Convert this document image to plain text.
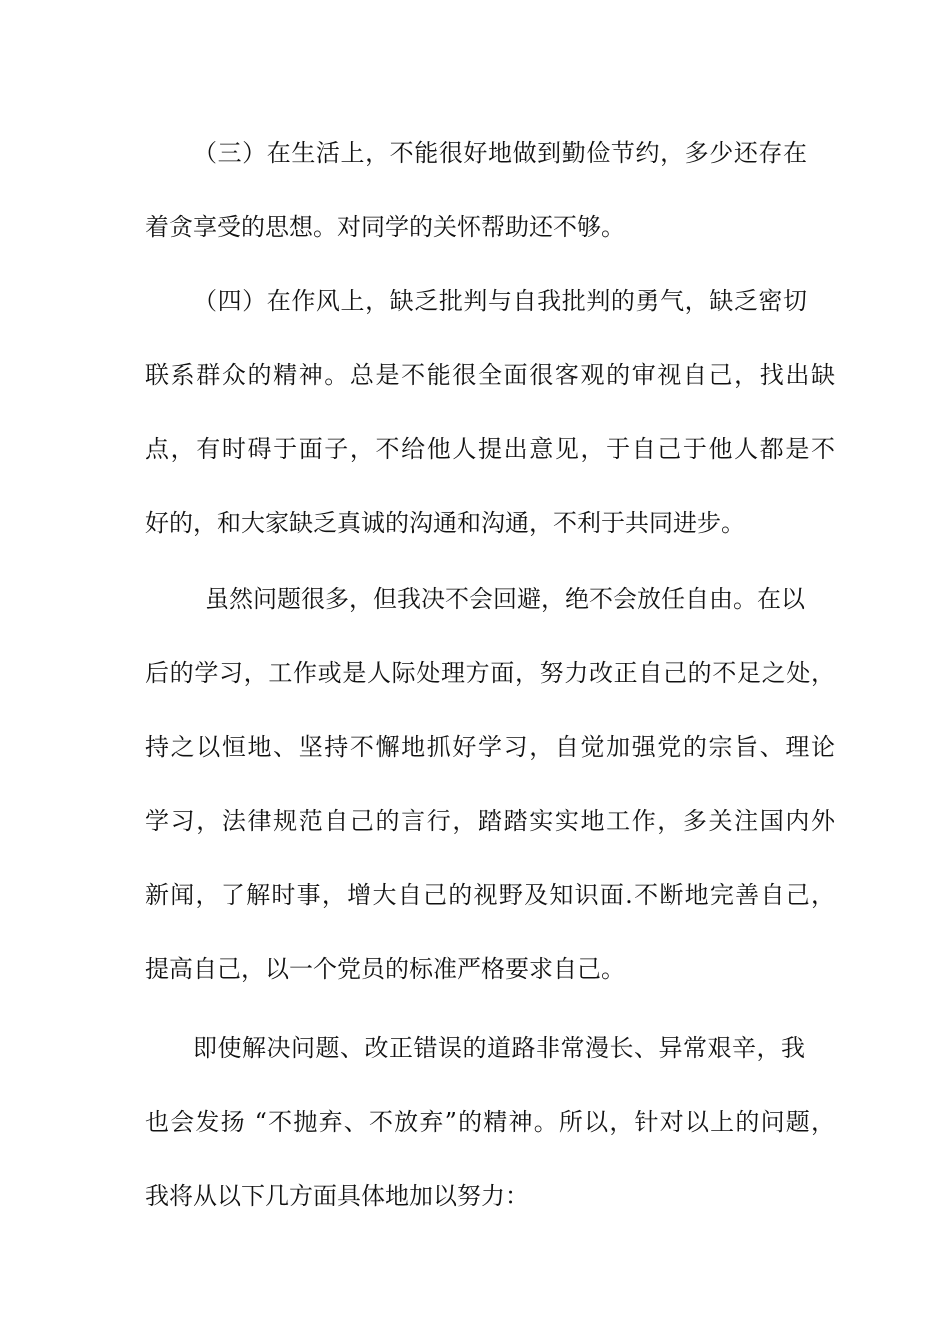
（三）在生活上，不能很好地做到勤俭节约，多少还存在
着贪享受的思想。对同学的关怀帮助还不够。
（四）在作风上，缺乏批判与自我批判的勇气，缺乏密切
联系群众的精神。总是不能很全面很客观的审视自己，找出缺
点，有时碍于面子，不给他人提出意见，于自己于他人都是不
好的，和大家缺乏真诚的沟通和沟通，不利于共同进步。
虽然问题很多，但我决不会回避，绝不会放任自由。在以
后的学习，工作或是人际处理方面，努力改正自己的不足之处，
持之以恒地、坚持不懈地抓好学习，自觉加强党的宗旨、理论
学习，法律规范自己的言行，踏踏实实地工作，多关注国内外
新闻，了解时事，增大自己的视野及知识面.不断地完善自己，
提高自己，以一个党员的标准严格要求自己。
即使解决问题、改正错误的道路非常漫长、异常艰辛，我
也会发扬 “不抛弃、不放弃”的精神。所以，针对以上的问题，
我将从以下几方面具体地加以努力：
